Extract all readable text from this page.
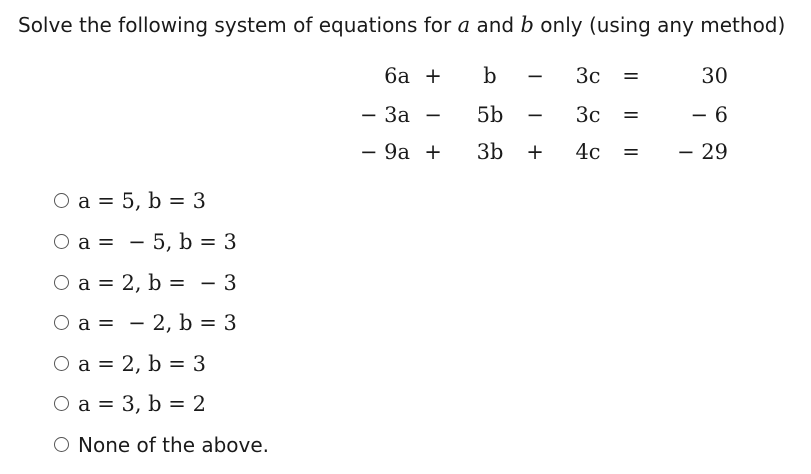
Solve the following system of equations for a and b only (using any method)
6a +	b	−	3c	=	30
− 3a −	5b	−	3c	=	− 6
− 9a +	3b	+	4c	=	− 29
a = 5, b = 3
a =  − 5, b = 3
a = 2, b =  − 3
a =  − 2, b = 3
a = 2, b = 3
a = 3, b = 2
None of the above.
